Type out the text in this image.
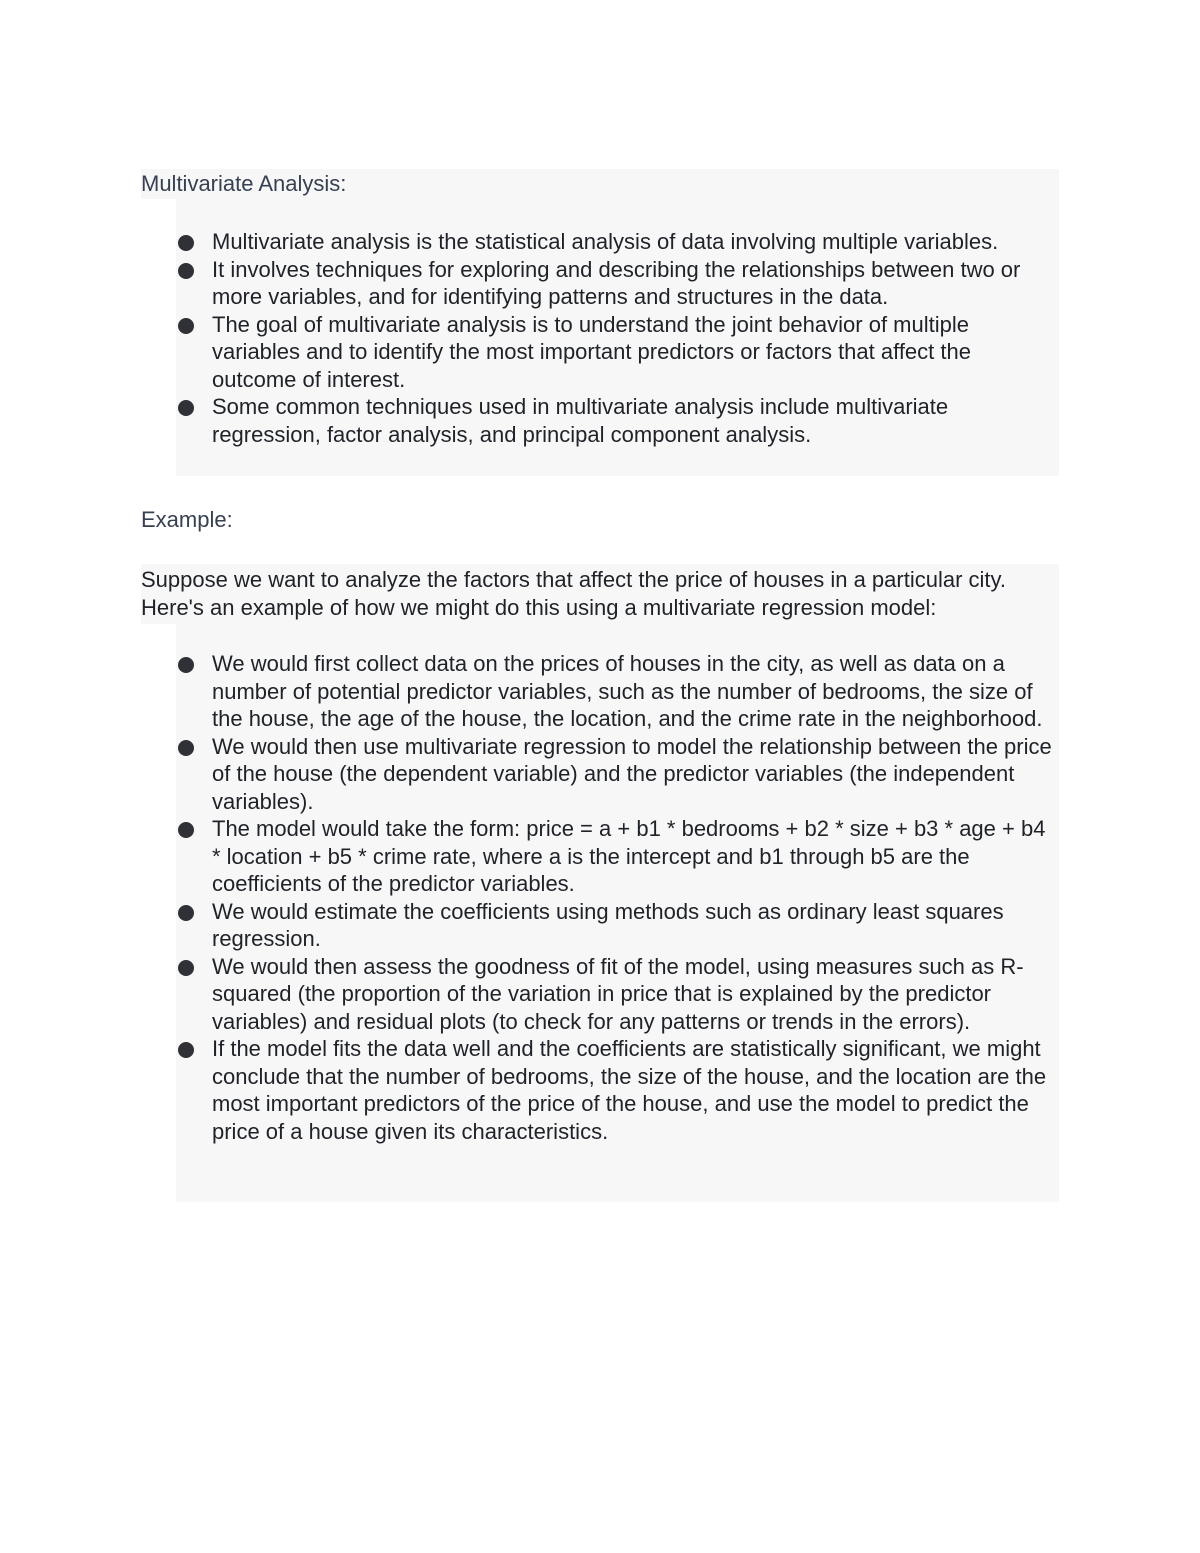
Multivariate Analysis:
Multivariate analysis is the statistical analysis of data involving multiple variables.
It involves techniques for exploring and describing the relationships between two or more variables, and for identifying patterns and structures in the data.
The goal of multivariate analysis is to understand the joint behavior of multiple variables and to identify the most important predictors or factors that affect the outcome of interest.
Some common techniques used in multivariate analysis include multivariate regression, factor analysis, and principal component analysis.
Example:

Suppose we want to analyze the factors that affect the price of houses in a particular city. Here's an example of how we might do this using a multivariate regression model:

We would first collect data on the prices of houses in the city, as well as data on a number of potential predictor variables, such as the number of bedrooms, the size of the house, the age of the house, the location, and the crime rate in the neighborhood.
We would then use multivariate regression to model the relationship between the price of the house (the dependent variable) and the predictor variables (the independent variables).
The model would take the form: price = a + b1 * bedrooms + b2 * size + b3 * age + b4 * location + b5 * crime rate, where a is the intercept and b1 through b5 are the coefficients of the predictor variables.
We would estimate the coefficients using methods such as ordinary least squares regression.
We would then assess the goodness of fit of the model, using measures such as R-squared (the proportion of the variation in price that is explained by the predictor variables) and residual plots (to check for any patterns or trends in the errors).
If the model fits the data well and the coefficients are statistically significant, we might conclude that the number of bedrooms, the size of the house, and the location are the most important predictors of the price of the house, and use the model to predict the price of a house given its characteristics.
